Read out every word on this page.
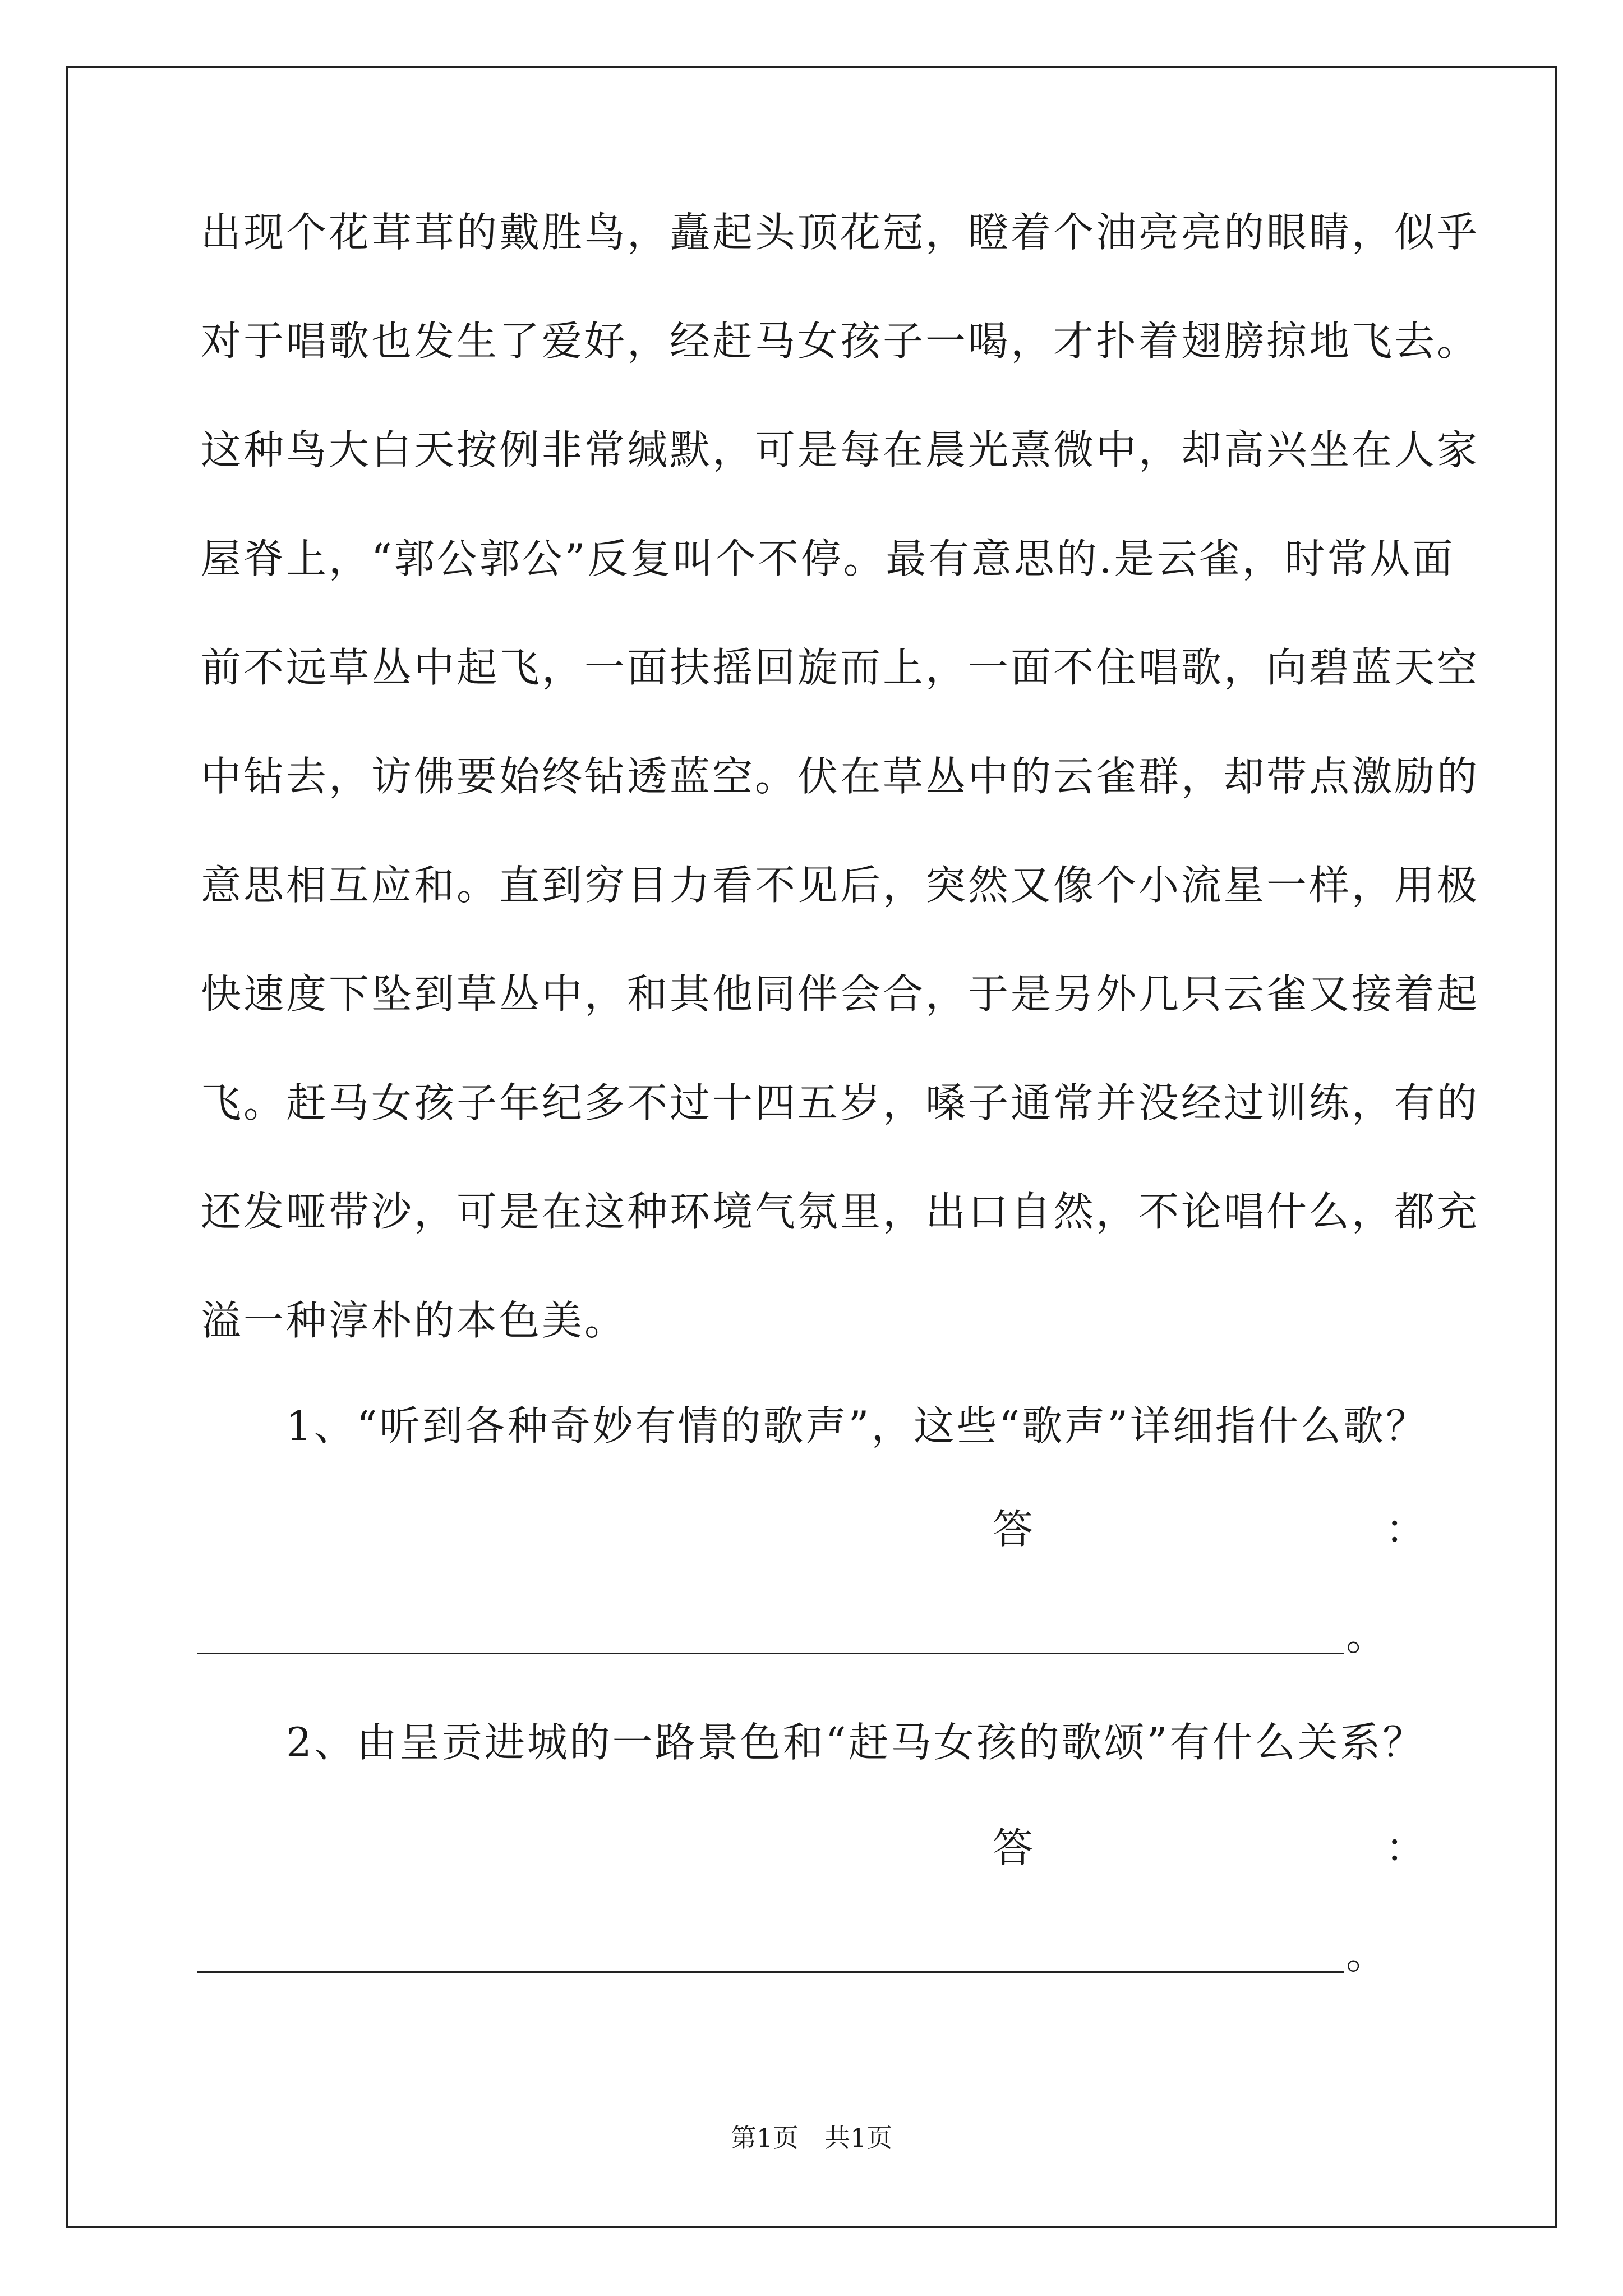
出现个花茸茸的戴胜鸟，矗起头顶花冠，瞪着个油亮亮的眼睛，似乎
对于唱歌也发生了爱好，经赶马女孩子一喝，才扑着翅膀掠地飞去。
这种鸟大白天按例非常缄默，可是每在晨光熹微中，却高兴坐在人家
屋脊上，“郭公郭公”反复叫个不停。最有意思的.是云雀，时常从面
前不远草丛中起飞，一面扶摇回旋而上，一面不住唱歌，向碧蓝天空
中钻去，访佛要始终钻透蓝空。伏在草丛中的云雀群，却带点激励的
意思相互应和。直到穷目力看不见后，突然又像个小流星一样，用极
快速度下坠到草丛中，和其他同伴会合，于是另外几只云雀又接着起
飞。赶马女孩子年纪多不过十四五岁，嗓子通常并没经过训练，有的
还发哑带沙，可是在这种环境气氛里，出口自然，不论唱什么，都充
溢一种淳朴的本色美。
1、“听到各种奇妙有情的歌声”，这些“歌声”详细指什么歌？
答	：
。
2、由呈贡进城的一路景色和“赶马女孩的歌颂”有什么关系？
答	：
。
第1页　共1页
